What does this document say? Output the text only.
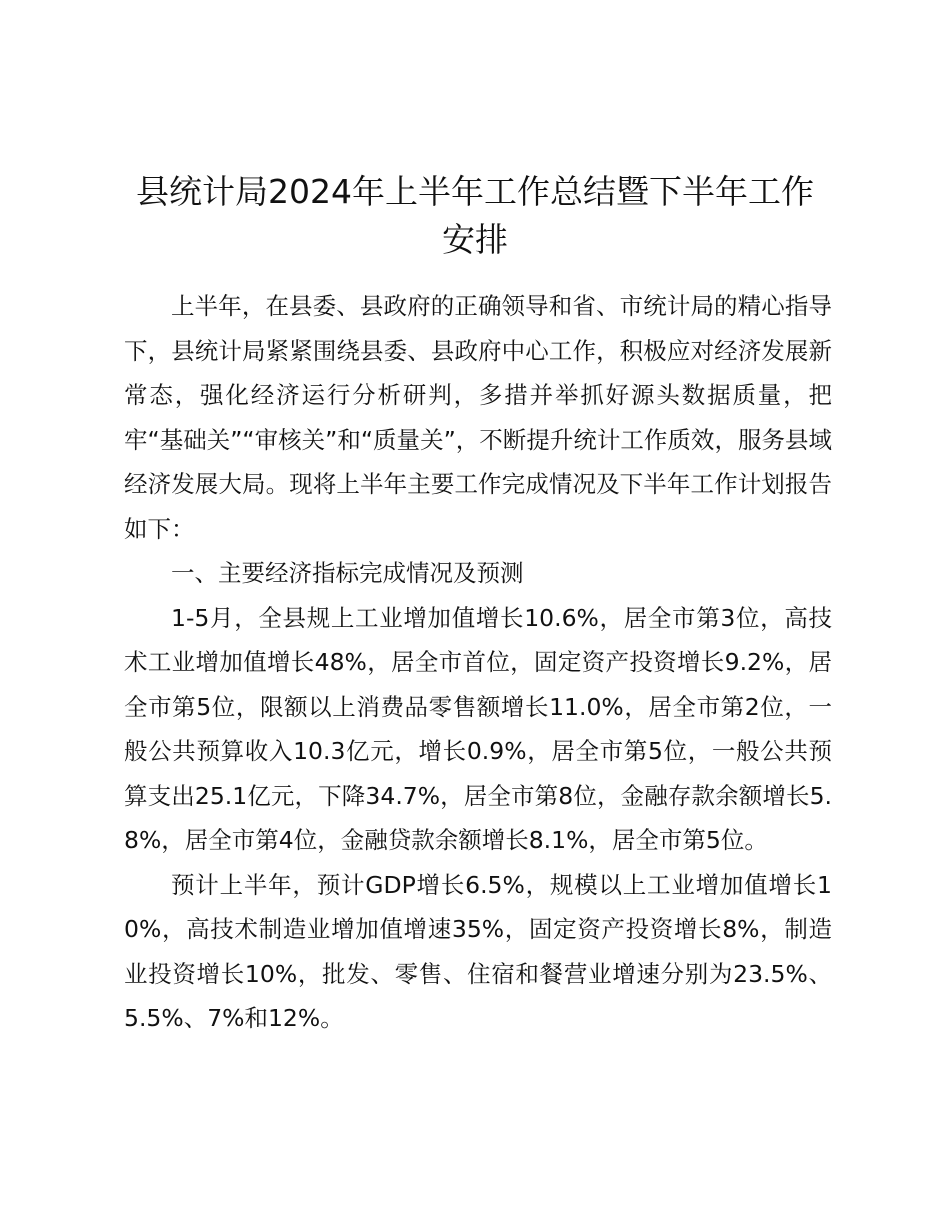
县统计局2024年上半年工作总结暨下半年工作安排

上半年，在县委、县政府的正确领导和省、市统计局的精心指导下，县统计局紧紧围绕县委、县政府中心工作，积极应对经济发展新常态，强化经济运行分析研判，多措并举抓好源头数据质量，把牢“基础关”“审核关”和“质量关”，不断提升统计工作质效，服务县域经济发展大局。现将上半年主要工作完成情况及下半年工作计划报告如下：

一、主要经济指标完成情况及预测

1-5月，全县规上工业增加值增长10.6%，居全市第3位，高技术工业增加值增长48%，居全市首位，固定资产投资增长9.2%，居全市第5位，限额以上消费品零售额增长11.0%，居全市第2位，一般公共预算收入10.3亿元，增长0.9%，居全市第5位，一般公共预算支出25.1亿元，下降34.7%，居全市第8位，金融存款余额增长5.8%，居全市第4位，金融贷款余额增长8.1%，居全市第5位。

预计上半年，预计GDP增长6.5%，规模以上工业增加值增长10%，高技术制造业增加值增速35%，固定资产投资增长8%，制造业投资增长10%，批发、零售、住宿和餐营业增速分别为23.5%、5.5%、7%和12%。
